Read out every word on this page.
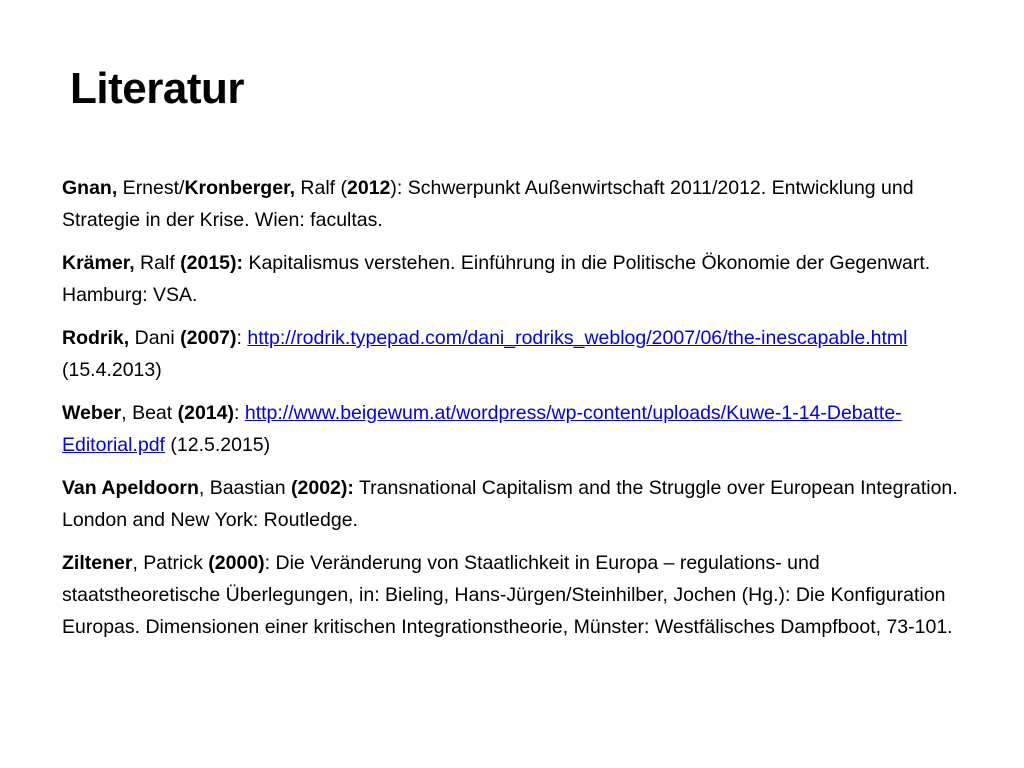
Literatur
Gnan, Ernest/Kronberger, Ralf (2012): Schwerpunkt Außenwirtschaft 2011/2012. Entwicklung und Strategie in der Krise. Wien: facultas.
Krämer, Ralf (2015): Kapitalismus verstehen. Einführung in die Politische Ökonomie der Gegenwart. Hamburg: VSA.
Rodrik, Dani (2007): http://rodrik.typepad.com/dani_rodriks_weblog/2007/06/the-inescapable.html (15.4.2013)
Weber, Beat (2014): http://www.beigewum.at/wordpress/wp-content/uploads/Kuwe-1-14-Debatte-Editorial.pdf (12.5.2015)
Van Apeldoorn, Baastian (2002): Transnational Capitalism and the Struggle over European Integration. London and New York: Routledge.
Ziltener, Patrick (2000): Die Veränderung von Staatlichkeit in Europa – regulations- und staatstheoretische Überlegungen, in: Bieling, Hans-Jürgen/Steinhilber, Jochen (Hg.): Die Konfiguration Europas. Dimensionen einer kritischen Integrationstheorie, Münster: Westfälisches Dampfboot, 73-101.
